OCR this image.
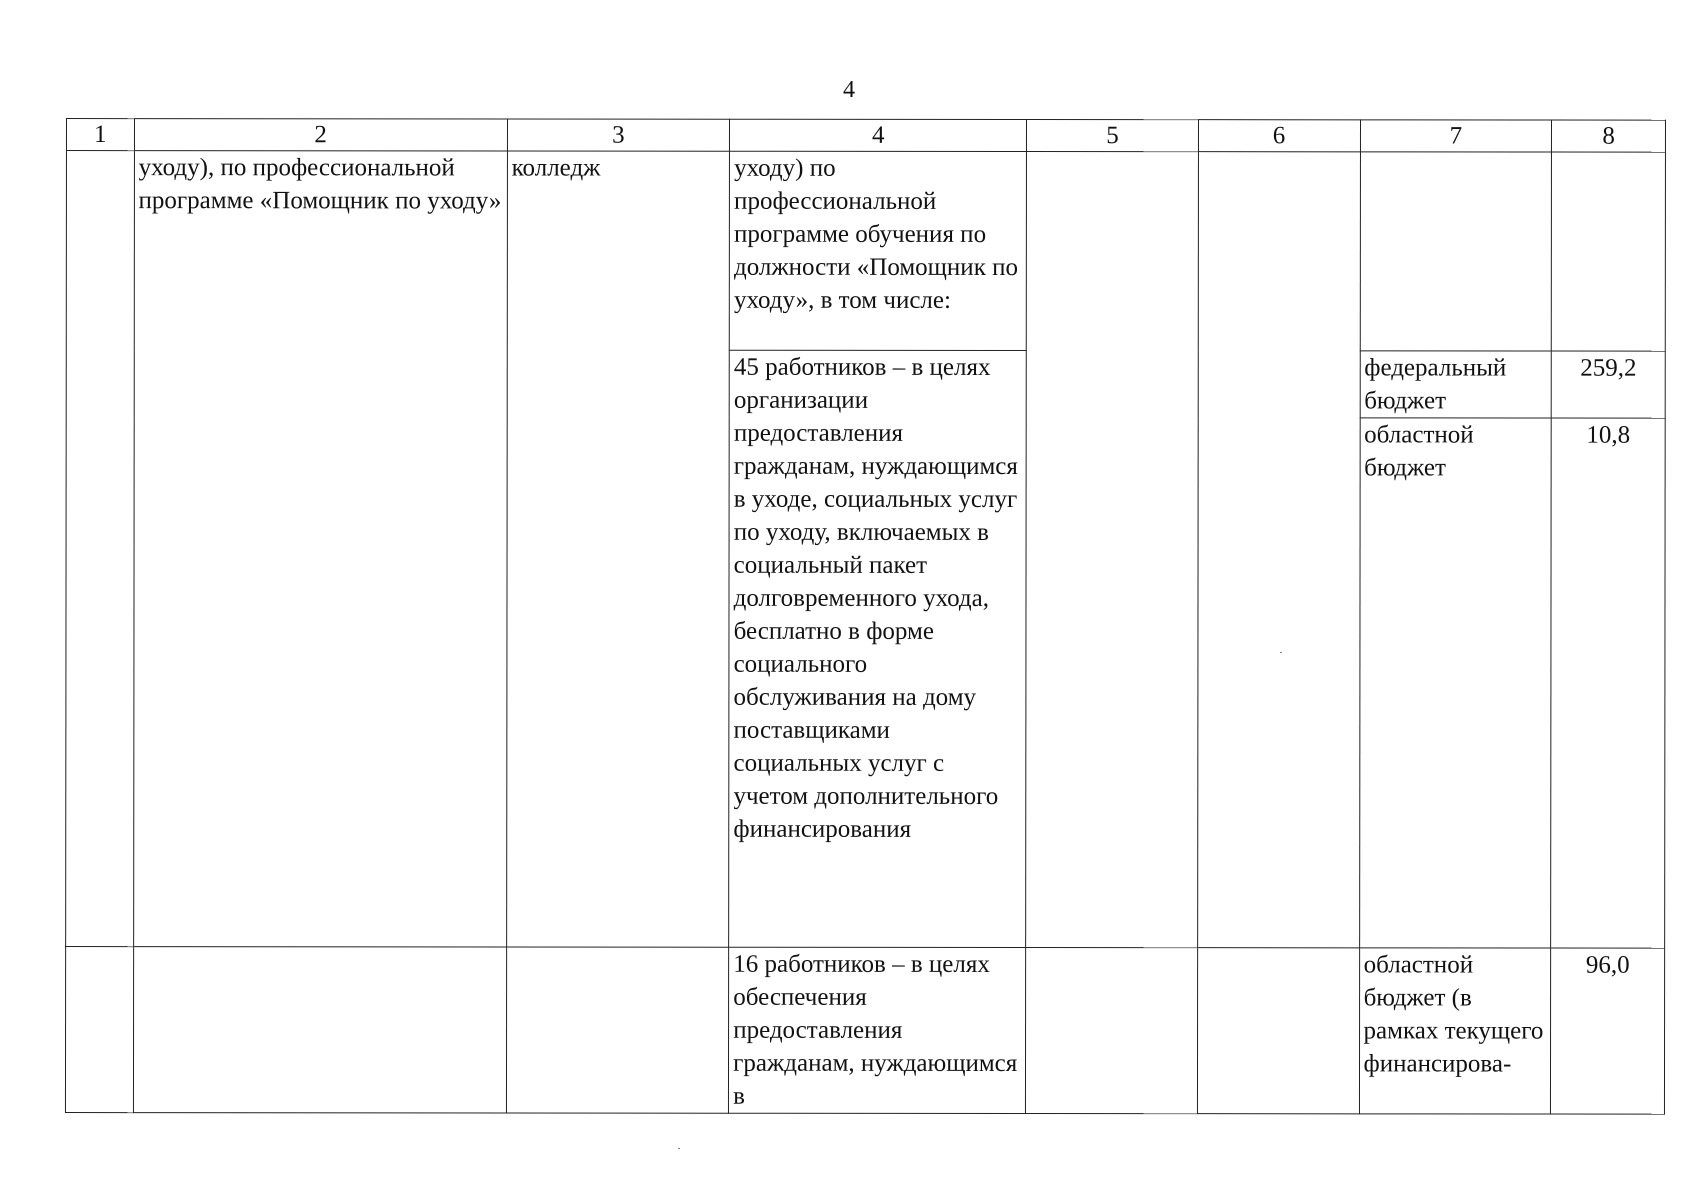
4
1	2	3	4	5	6	7	8
	уходу), по профессиональной программе «Помощник по уходу»	колледж	уходу) по профессиональной программе обучения по должности «Помощник по уходу», в том числе:				
			45 работников – в целях организации предоставления гражданам, нуждающимся в уходе, социальных услуг по уходу, включаемых в социальный пакет долговременного ухода, бесплатно в форме социального обслуживания на дому поставщиками социальных услуг с учетом дополнительного финансирования			федеральный бюджет	259,2
						областной бюджет	10,8
			16 работников – в целях обеспечения предоставления гражданам, нуждающимся в			областной бюджет (в рамках текущего финансирова-	96,0
